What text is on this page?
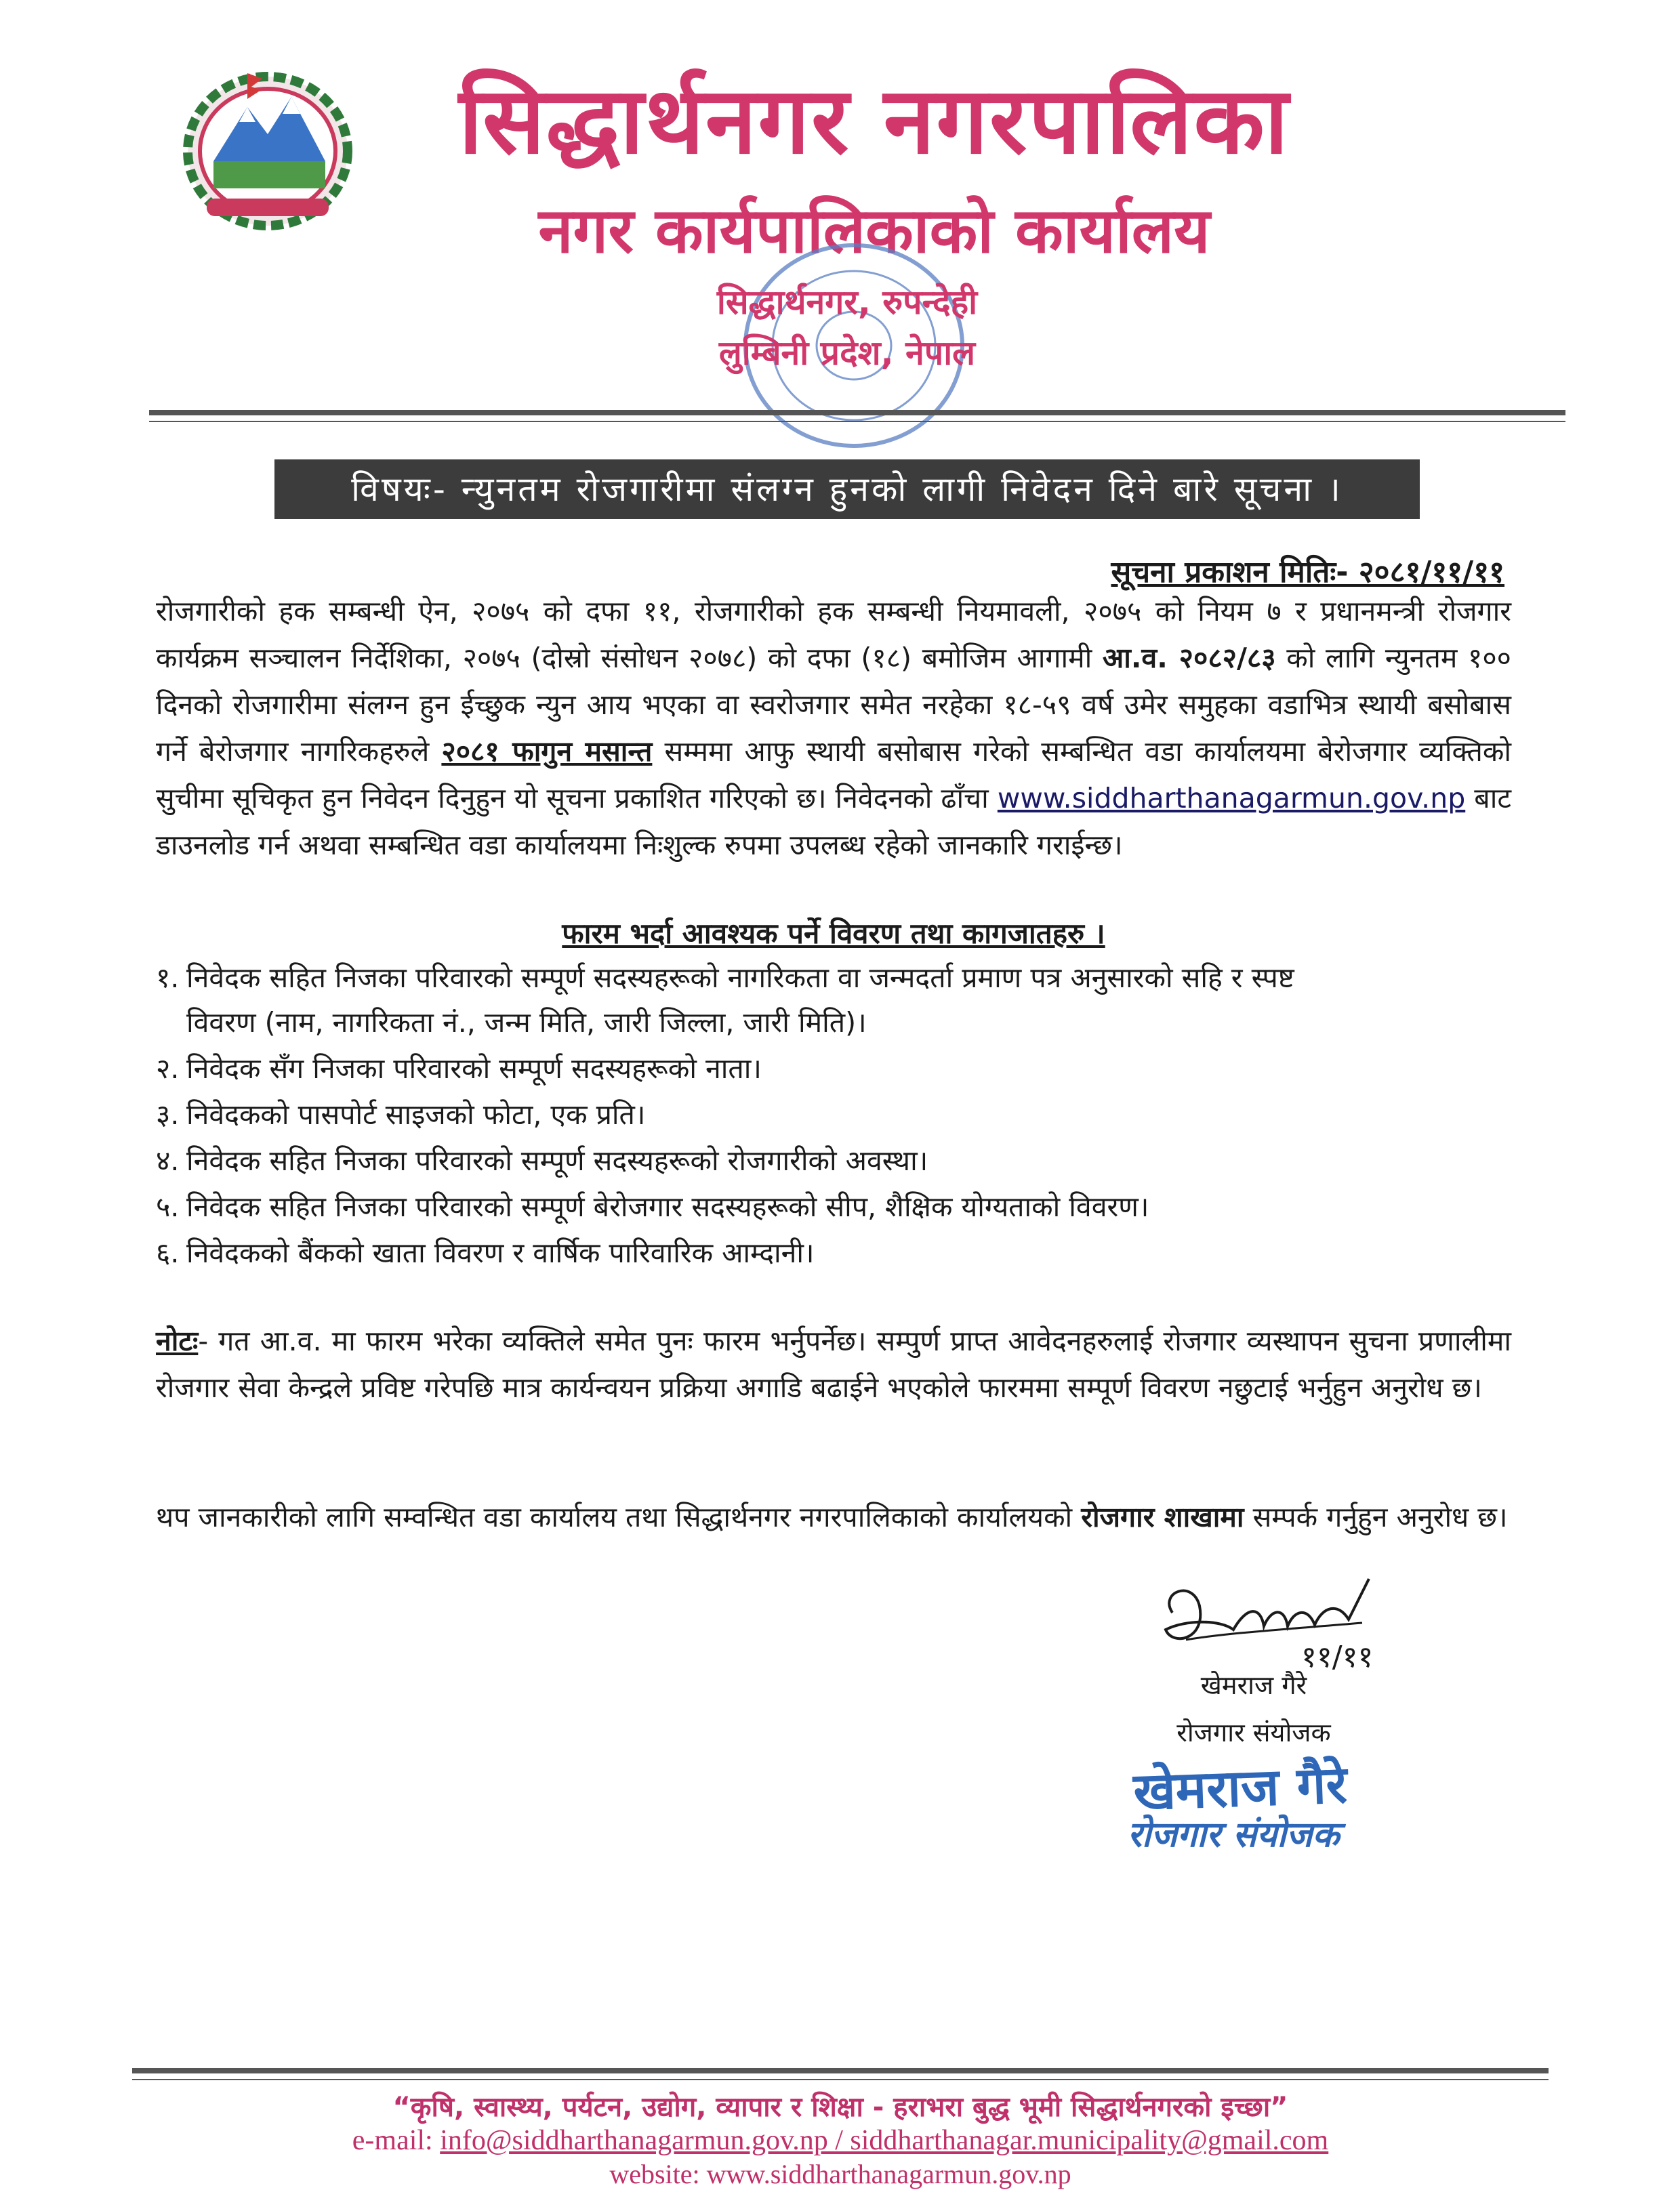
सिद्धार्थनगर नगरपालिका
नगर कार्यपालिकाको कार्यालय
सिद्धार्थनगर, रुपन्देही
लुम्बिनी प्रदेश, नेपाल
विषयः- न्युनतम रोजगारीमा संलग्न हुनको लागी निवेदन दिने बारे सूचना ।
सूचना प्रकाशन मितिः- २०८१/११/११
रोजगारीको हक सम्बन्धी ऐन, २०७५ को दफा ११, रोजगारीको हक सम्बन्धी नियमावली, २०७५ को नियम ७ र प्रधानमन्त्री रोजगार कार्यक्रम सञ्चालन निर्देशिका, २०७५ (दोस्रो संसोधन २०७८) को दफा (१८) बमोजिम आगामी आ.व. २०८२/८३ को लागि न्युनतम १०० दिनको रोजगारीमा संलग्न हुन ईच्छुक न्युन आय भएका वा स्वरोजगार समेत नरहेका १८-५९ वर्ष उमेर समुहका वडाभित्र स्थायी बसोबास गर्ने बेरोजगार नागरिकहरुले २०८१ फागुन मसान्त सम्ममा आफु स्थायी बसोबास गरेको सम्बन्धित वडा कार्यालयमा बेरोजगार व्यक्तिको सुचीमा सूचिकृत हुन निवेदन दिनुहुन यो सूचना प्रकाशित गरिएको छ। निवेदनको ढाँचा www.siddharthanagarmun.gov.np बाट डाउनलोड गर्न अथवा सम्बन्धित वडा कार्यालयमा निःशुल्क रुपमा उपलब्ध रहेको जानकारि गराईन्छ।
फारम भर्दा आवश्यक पर्ने विवरण तथा कागजातहरु ।
१. निवेदक सहित निजका परिवारको सम्पूर्ण सदस्यहरूको नागरिकता वा जन्मदर्ता प्रमाण पत्र अनुसारको सहि र स्पष्ट
विवरण (नाम, नागरिकता नं., जन्म मिति, जारी जिल्ला, जारी मिति)।
२. निवेदक सँग निजका परिवारको सम्पूर्ण सदस्यहरूको नाता।
३. निवेदकको पासपोर्ट साइजको फोटा, एक प्रति।
४. निवेदक सहित निजका परिवारको सम्पूर्ण सदस्यहरूको रोजगारीको अवस्था।
५. निवेदक सहित निजका परिवारको सम्पूर्ण बेरोजगार सदस्यहरूको सीप, शैक्षिक योग्यताको विवरण।
६. निवेदकको बैंकको खाता विवरण र वार्षिक पारिवारिक आम्दानी।
नोटः- गत आ.व. मा फारम भरेका व्यक्तिले समेत पुनः फारम भर्नुपर्नेछ। सम्पुर्ण प्राप्त आवेदनहरुलाई रोजगार व्यस्थापन सुचना प्रणालीमा रोजगार सेवा केन्द्रले प्रविष्ट गरेपछि मात्र कार्यन्वयन प्रक्रिया अगाडि बढाईने भएकोले फारममा सम्पूर्ण विवरण नछुटाई भर्नुहुन अनुरोध छ।
थप जानकारीको लागि सम्वन्धित वडा कार्यालय तथा सिद्धार्थनगर नगरपालिकाको कार्यालयको रोजगार शाखामा सम्पर्क गर्नुहुन अनुरोध छ।
११/११
खेमराज गैरे
रोजगार संयोजक
खेमराज गैरे
रोजगार संयोजक
“कृषि, स्वास्थ्य, पर्यटन, उद्योग, व्यापार र शिक्षा - हराभरा बुद्ध भूमी सिद्धार्थनगरको इच्छा”
e-mail: info@siddharthanagarmun.gov.np / siddharthanagar.municipality@gmail.com
website: www.siddharthanagarmun.gov.np
